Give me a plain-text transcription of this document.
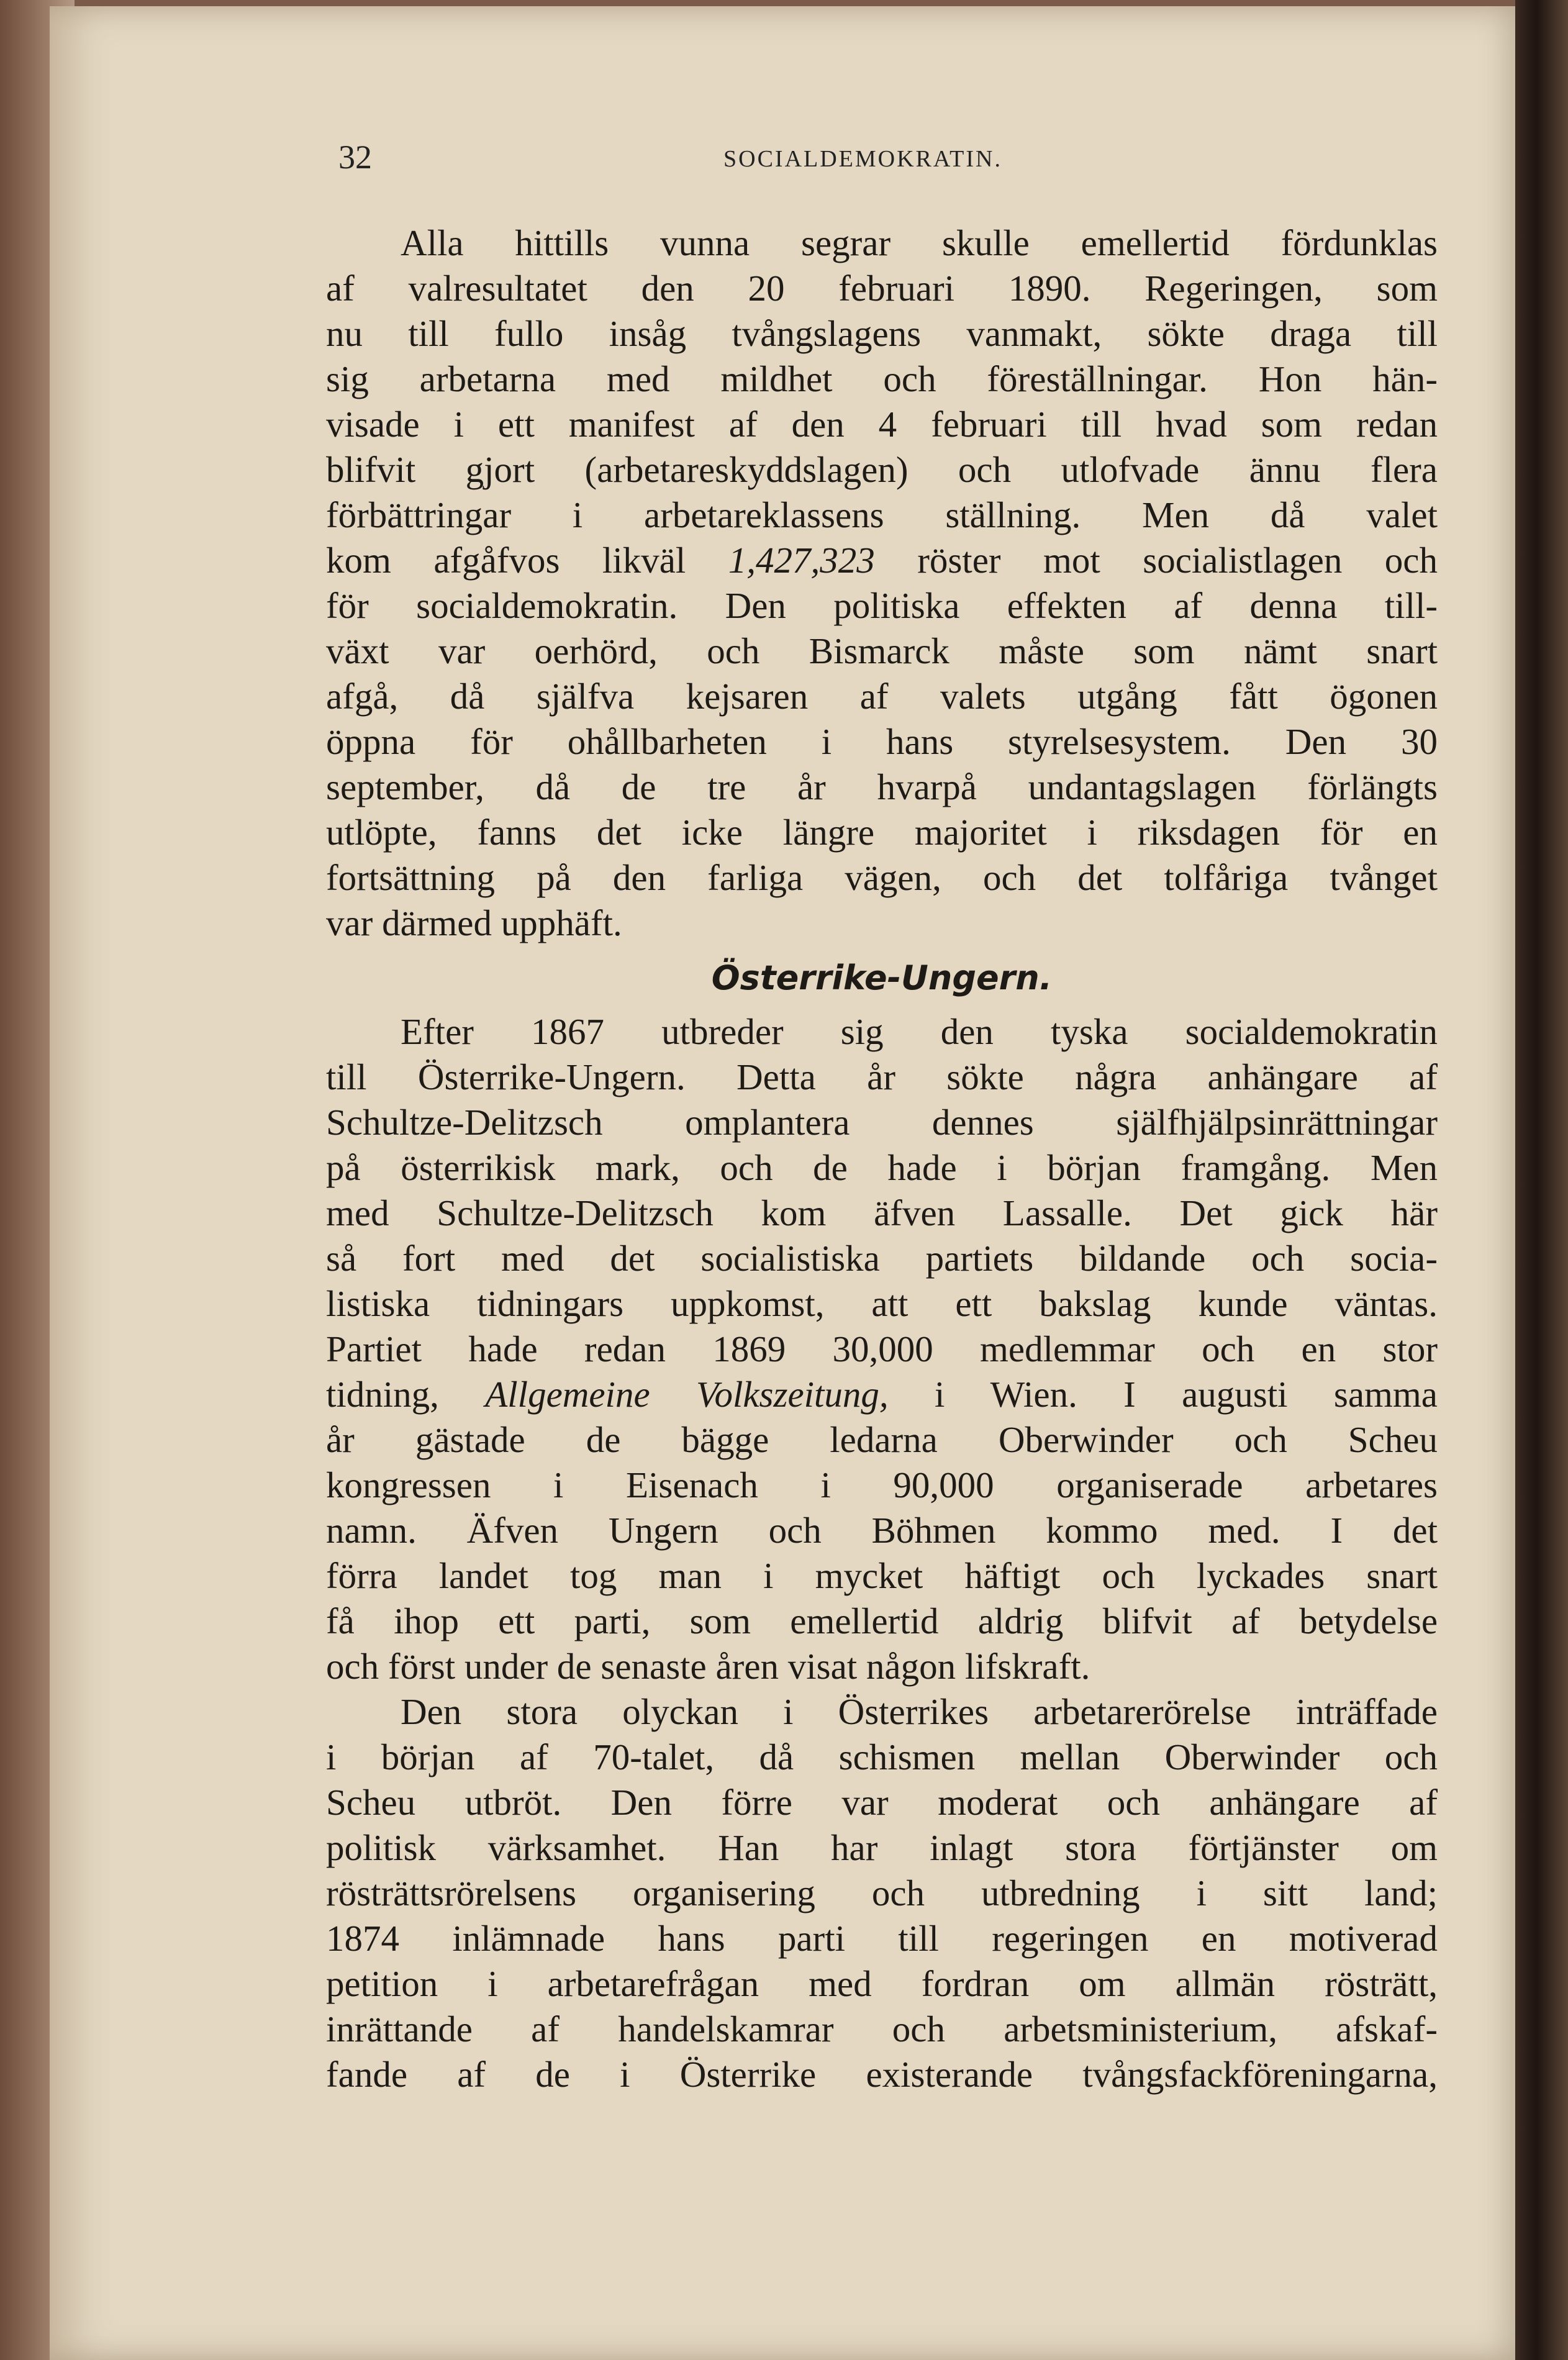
32	SOCIALDEMOKRATIN.
Alla hittills vunna segrar skulle emellertid fördunklas
af valresultatet den 20 februari 1890. Regeringen, som
nu till fullo insåg tvångslagens vanmakt, sökte draga till
sig arbetarna med mildhet och föreställningar. Hon hän-
visade i ett manifest af den 4 februari till hvad som redan
blifvit gjort (arbetareskyddslagen) och utlofvade ännu flera
förbättringar i arbetareklassens ställning. Men då valet
kom afgåfvos likväl 1,427,323 röster mot socialistlagen och
för socialdemokratin. Den politiska effekten af denna till-
växt var oerhörd, och Bismarck måste som nämt snart
afgå, då själfva kejsaren af valets utgång fått ögonen
öppna för ohållbarheten i hans styrelsesystem. Den 30
september, då de tre år hvarpå undantagslagen förlängts
utlöpte, fanns det icke längre majoritet i riksdagen för en
fortsättning på den farliga vägen, och det tolfåriga tvånget
var därmed upphäft.
Österrike-Ungern.
Efter 1867 utbreder sig den tyska socialdemokratin
till Österrike-Ungern. Detta år sökte några anhängare af
Schultze-Delitzsch omplantera dennes själfhjälpsinrättningar
på österrikisk mark, och de hade i början framgång. Men
med Schultze-Delitzsch kom äfven Lassalle. Det gick här
så fort med det socialistiska partiets bildande och socia-
listiska tidningars uppkomst, att ett bakslag kunde väntas.
Partiet hade redan 1869 30,000 medlemmar och en stor
tidning, Allgemeine Volkszeitung, i Wien. I augusti samma
år gästade de bägge ledarna Oberwinder och Scheu
kongressen i Eisenach i 90,000 organiserade arbetares
namn. Äfven Ungern och Böhmen kommo med. I det
förra landet tog man i mycket häftigt och lyckades snart
få ihop ett parti, som emellertid aldrig blifvit af betydelse
och först under de senaste åren visat någon lifskraft.
Den stora olyckan i Österrikes arbetarerörelse inträffade
i början af 70-talet, då schismen mellan Oberwinder och
Scheu utbröt. Den förre var moderat och anhängare af
politisk värksamhet. Han har inlagt stora förtjänster om
rösträttsrörelsens organisering och utbredning i sitt land;
1874 inlämnade hans parti till regeringen en motiverad
petition i arbetarefrågan med fordran om allmän rösträtt,
inrättande af handelskamrar och arbetsministerium, afskaf-
fande af de i Österrike existerande tvångsfackföreningarna,
